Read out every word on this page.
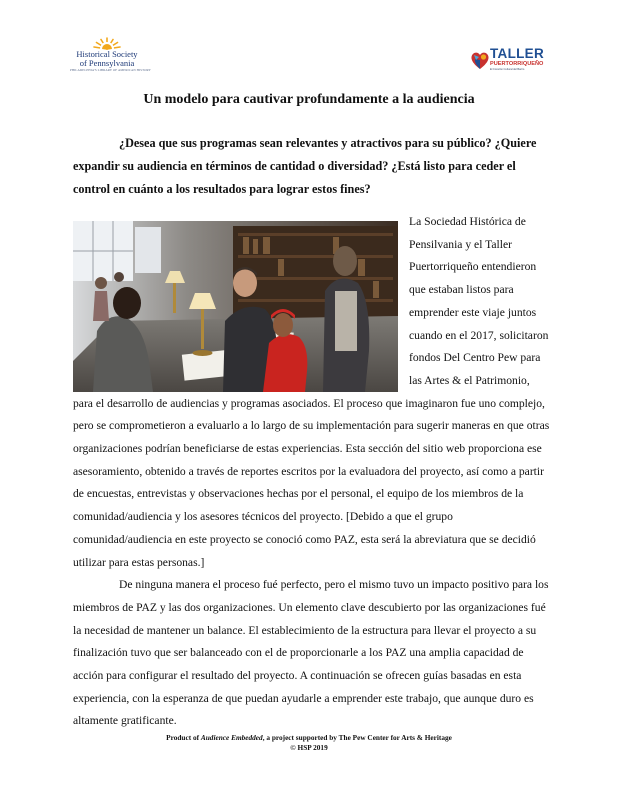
Historical Society
of Pennsylvania
PHILADELPHIA'S LIBRARY OF AMERICAN HISTORY
TALLER
PUERTORRIQUEÑO
El Corazón Cultural del Barrio
Un modelo para cautivar profundamente a la audiencia

¿Desea que sus programas sean relevantes y atractivos para su público? ¿Quiere expandir su audiencia en términos de cantidad o diversidad? ¿Está listo para ceder el control en cuánto a los resultados para lograr estos fines?

La Sociedad Histórica de Pensilvania y el Taller Puertorriqueño entendieron que estaban listos para emprender este viaje juntos cuando en el 2017, solicitaron fondos Del Centro Pew para las Artes & el Patrimonio, para el desarrollo de audiencias y programas asociados. El proceso que imaginaron fue uno complejo, pero se comprometieron a evaluarlo a lo largo de su implementación para sugerir maneras en que otras organizaciones podrían beneficiarse de estas experiencias. Esta sección del sitio web proporciona ese asesoramiento, obtenido a través de reportes escritos por la evaluadora del proyecto, así como a partir de encuestas, entrevistas y observaciones hechas por el personal, el equipo de los miembros de la comunidad/audiencia y los asesores técnicos del proyecto. [Debido a que el grupo comunidad/audiencia en este proyecto se conoció como PAZ, esta será la abreviatura que se decidió utilizar para estas personas.]

De ninguna manera el proceso fué perfecto, pero el mismo tuvo un impacto positivo para los miembros de PAZ y las dos organizaciones. Un elemento clave descubierto por las organizaciones fué la necesidad de mantener un balance. El establecimiento de la estructura para llevar el proyecto a su finalización tuvo que ser balanceado con el de proporcionarle a los PAZ una amplia capacidad de acción para configurar el resultado del proyecto. A continuación se ofrecen guías basadas en esta experiencia, con la esperanza de que puedan ayudarle a emprender este trabajo, que aunque duro es altamente gratificante.

Product of Audience Embedded, a project supported by The Pew Center for Arts & Heritage
© HSP 2019
